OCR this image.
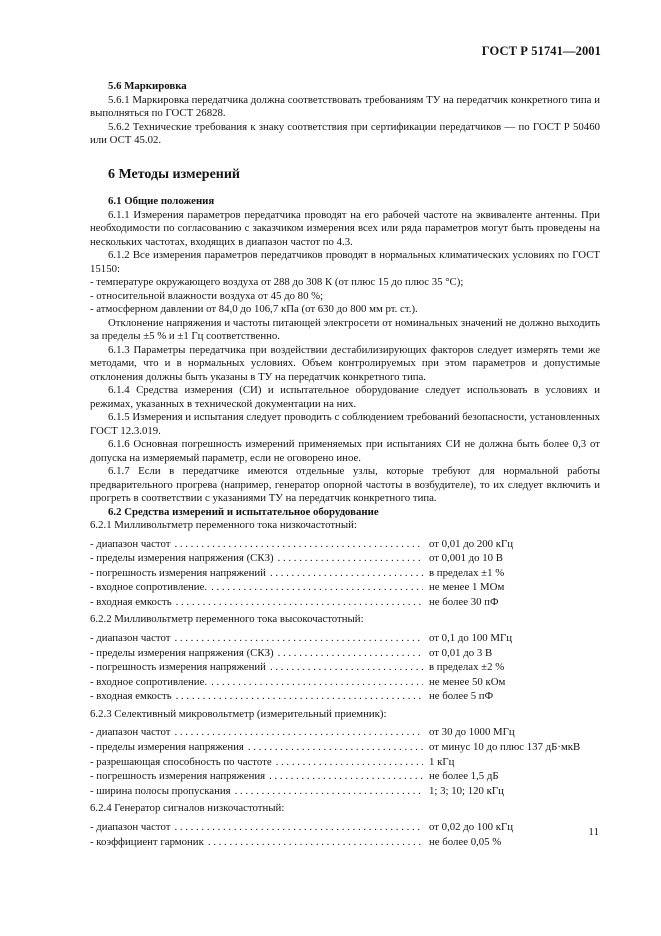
ГОСТ Р 51741—2001

5.6 Маркировка

5.6.1 Маркировка передатчика должна соответствовать требованиям ТУ на передатчик конкретного типа и выполняться по ГОСТ 26828.

5.6.2 Технические требования к знаку соответствия при сертификации передатчиков — по ГОСТ Р 50460 или ОСТ 45.02.

6 Методы измерений

6.1 Общие положения

6.1.1 Измерения параметров передатчика проводят на его рабочей частоте на эквиваленте антенны. При необходимости по согласованию с заказчиком измерения всех или ряда параметров могут быть проведены на нескольких частотах, входящих в диапазон частот по 4.3.

6.1.2 Все измерения параметров передатчиков проводят в нормальных климатических условиях по ГОСТ 15150:

- температуре окружающего воздуха от 288 до 308 К (от плюс 15 до плюс 35 °С);

- относительной влажности воздуха от 45 до 80 %;

- атмосферном давлении от 84,0 до 106,7 кПа (от 630 до 800 мм рт. ст.).

Отклонение напряжения и частоты питающей электросети от номинальных значений не должно выходить за пределы ±5 % и ±1 Гц соответственно.

6.1.3 Параметры передатчика при воздействии дестабилизирующих факторов следует измерять теми же методами, что и в нормальных условиях. Объем контролируемых при этом параметров и допустимые отклонения должны быть указаны в ТУ на передатчик конкретного типа.

6.1.4 Средства измерения (СИ) и испытательное оборудование следует использовать в условиях и режимах, указанных в технической документации на них.

6.1.5 Измерения и испытания следует проводить с соблюдением требований безопасности, установленных ГОСТ 12.3.019.

6.1.6 Основная погрешность измерений применяемых при испытаниях СИ не должна быть более 0,3 от допуска на измеряемый параметр, если не оговорено иное.

6.1.7 Если в передатчике имеются отдельные узлы, которые требуют для нормальной работы предварительного прогрева (например, генератор опорной частоты в возбудителе), то их следует включить и прогреть в соответствии с указаниями ТУ на передатчик конкретного типа.

6.2 Средства измерений и испытательное оборудование

6.2.1 Милливольтметр переменного тока низкочастотный:

- диапазон частот . . .	от 0,01 до 200 кГц
- пределы измерения напряжения (СКЗ) . . .	от 0,001 до 10 В
- погрешность измерения напряжений . . .	в пределах ±1 %
- входное сопротивление. . . .	не менее 1 МОм
- входная емкость . . .	не более 30 пФ

6.2.2 Милливольтметр переменного тока высокочастотный:

- диапазон частот . . .	от 0,1 до 100 МГц
- пределы измерения напряжения (СКЗ) . . .	от 0,01 до 3 В
- погрешность измерения напряжений . . .	в пределах ±2 %
- входное сопротивление. . . .	не менее 50 кОм
- входная емкость . . .	не более 5 пФ

6.2.3 Селективный микровольтметр (измерительный приемник):

- диапазон частот . . .	от 30 до 1000 МГц
- пределы измерения напряжения . . .	от минус 10 до плюс 137 дБ·мкВ
- разрешающая способность по частоте . . .	1 кГц
- погрешность измерения напряжения . . .	не более 1,5 дБ
- ширина полосы пропускания . . .	1; 3; 10; 120 кГц

6.2.4 Генератор сигналов низкочастотный:

- диапазон частот . . .	от 0,02 до 100 кГц
- коэффициент гармоник . . .	не более 0,05 %
11
